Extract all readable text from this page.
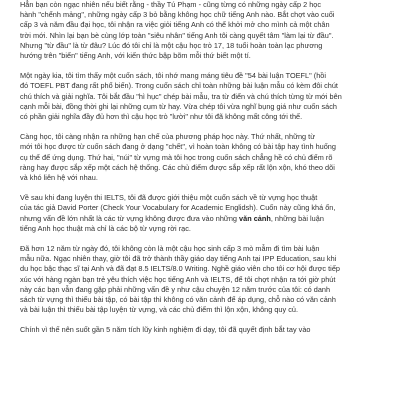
Hẳn bạn còn ngạc nhiên nếu biết rằng - thầy Tú Phạm - cũng từng có những ngày cấp 2 học
hành "chểnh mảng", những ngày cấp 3 bỏ bằng không học chữ tiếng Anh nào. Bắt chợt vào cuối
cấp 3 và năm đầu đại học, tôi nhận ra việc giỏi tiếng Anh có thể khởi mở cho mình cả một chân
trời mới. Nhìn lại bạn bè cùng lớp toàn "siêu nhân" tiếng Anh tôi càng quyết tâm "làm lại từ đầu".
Nhưng "từ đầu" là từ đâu? Lúc đó tôi chỉ là một cậu học trò 17, 18 tuổi hoàn toàn lạc phương
hướng trên "biển" tiếng Anh, với kiến thức bập bõm mỗi thứ biết một tí.

Một ngày kia, tôi tìm thấy một cuốn sách, tôi nhớ mang máng tiêu đề "54 bài luận TOEFL" (hồi
đó TOEFL PBT đang rất phổ biến). Trong cuốn sách chỉ toàn những bài luận mẫu có kèm đôi chút
chú thích và giải nghĩa. Tôi bắt đầu "hì hục" chép bài mẫu, tra từ điển và chú thích từng từ mới bên
cạnh mỗi bài, đồng thời ghi lại những cụm từ hay. Vừa chép tôi vừa nghĩ bụng giá như cuốn sách
có phần giải nghĩa đầy đủ hơn thì cậu học trò "lười" như tôi đã không mất công tới thế.

Càng học, tôi càng nhận ra những hạn chế của phương pháp học này. Thứ nhất, những từ
mới tôi học được từ cuốn sách đang ở dạng "chết", vì hoàn toàn không có bài tập hay tình huống
cụ thể để ứng dụng. Thứ hai, "núi" từ vựng mà tôi học trong cuốn sách chẳng hề có chủ điểm rõ
ràng hay được sắp xếp một cách hệ thống. Các chủ điểm được sắp xếp rất lộn xộn, khó theo dõi
và khó liên hệ với nhau.

Về sau khi đang luyện thi IELTS, tôi đã được giới thiệu một cuốn sách về từ vựng học thuật
của tác giả David Porter (Check Your Vocabulary for Academic Englidsh). Cuốn này cũng khá ổn,
nhưng vấn đề lớn nhất là các từ vựng không được đưa vào những văn cảnh, những bài luận
tiếng Anh học thuật mà chỉ là các bộ từ vựng rời rạc.

Đã hơn 12 năm từ ngày đó, tôi không còn là một cậu học sinh cấp 3 mò mẫm đi tìm bài luận
mẫu nữa. Ngạc nhiên thay, giờ tôi đã trở thành thầy giáo dạy tiếng Anh tại IPP Education, sau khi
du học bậc thạc sĩ tại Anh và đã đạt 8.5 IELTS/8.0 Writing. Nghề giáo viên cho tôi cơ hội được tiếp
xúc với hàng ngàn bạn trẻ yêu thích việc học tiếng Anh và IELTS, để tôi chợt nhận ra tới giờ phút
này các bạn vẫn đang gặp phải những vấn đề y như cậu chuyện 12 năm trước của tôi: có danh
sách từ vựng thì thiếu bài tập, có bài tập thì không có văn cảnh để áp dụng, chỗ nào có văn cảnh
và bài luận thì thiếu bài tập luyện từ vựng, và các chủ điểm thì lộn xộn, không quy củ.

Chính vì thế nên suốt gần 5 năm tích lũy kinh nghiệm đi dạy, tôi đã quyết định bắt tay vào
